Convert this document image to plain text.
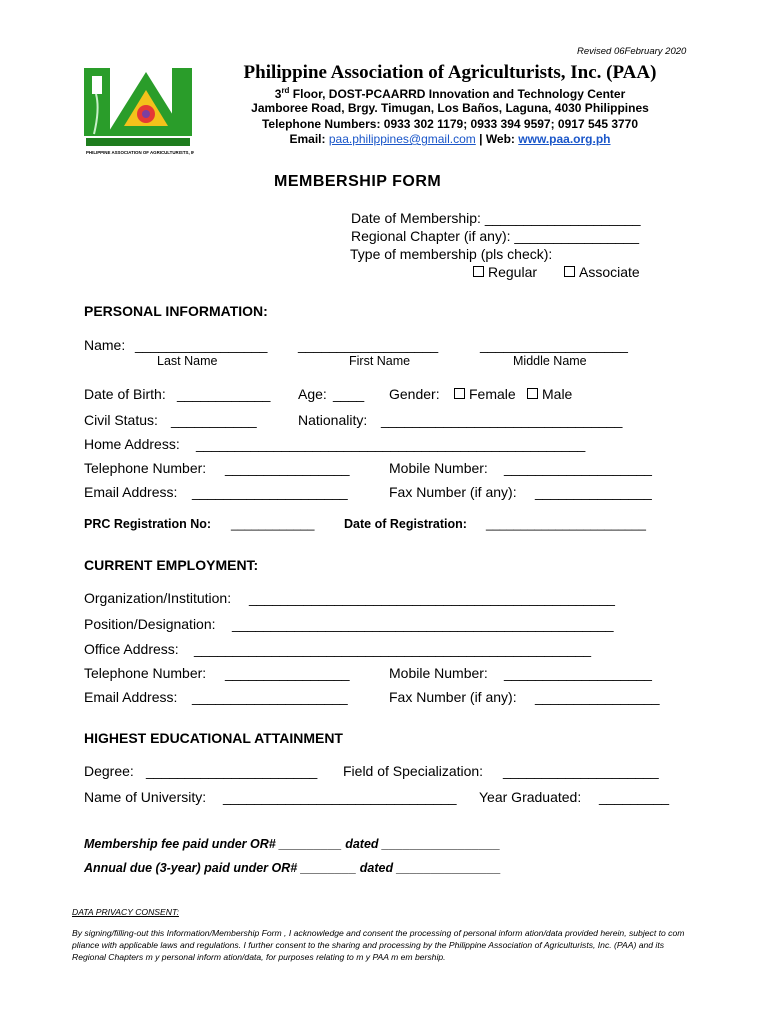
Revised 06February 2020
PHILIPPINE ASSOCIATION OF AGRICULTURISTS, INC.
Philippine Association of Agriculturists, Inc. (PAA)
3rd Floor, DOST-PCAARRD Innovation and Technology Center
Jamboree Road, Brgy. Timugan, Los Baños, Laguna, 4030 Philippines
Telephone Numbers: 0933 302 1179; 0933 394 9597; 0917 545 3770
Email: paa.philippines@gmail.com | Web: www.paa.org.ph
MEMBERSHIP FORM
Date of Membership: ____________________
Regional Chapter (if any): ________________
Type of membership (pls check):
Regular	Associate
PERSONAL INFORMATION:
Name: _________________ __________________	___________________
Last Name	First Name	Middle Name
Date of Birth: ____________ Age: ____ Gender:	Female	Male
Civil Status: ___________	Nationality: _______________________________
Home Address: __________________________________________________
Telephone Number: ________________	Mobile Number: ___________________
Email Address: ____________________	Fax Number (if any): _______________
PRC Registration No: ____________ Date of Registration: _______________________
CURRENT EMPLOYMENT:
Organization/Institution: _______________________________________________
Position/Designation: _________________________________________________
Office Address: ___________________________________________________
Telephone Number: ________________	Mobile Number: ___________________
Email Address: ____________________	Fax Number (if any): ________________
HIGHEST EDUCATIONAL ATTAINMENT
Degree: ______________________ Field of Specialization: ____________________
Name of University: ______________________________ Year Graduated: _________
Membership fee paid under OR# _________ dated _________________
Annual due (3-year) paid under OR# ________ dated _______________
DATA PRIVACY CONSENT:
By signing/filling-out this Information/Membership Form , I acknowledge and consent the processing of personal inform ation/data provided herein, subject to com pliance with applicable laws and regulations. I further consent to the sharing and processing by the Philippine Association of Agriculturists, Inc. (PAA) and its Regional Chapters m y personal inform ation/data, for purposes relating to m y PAA m em bership.
